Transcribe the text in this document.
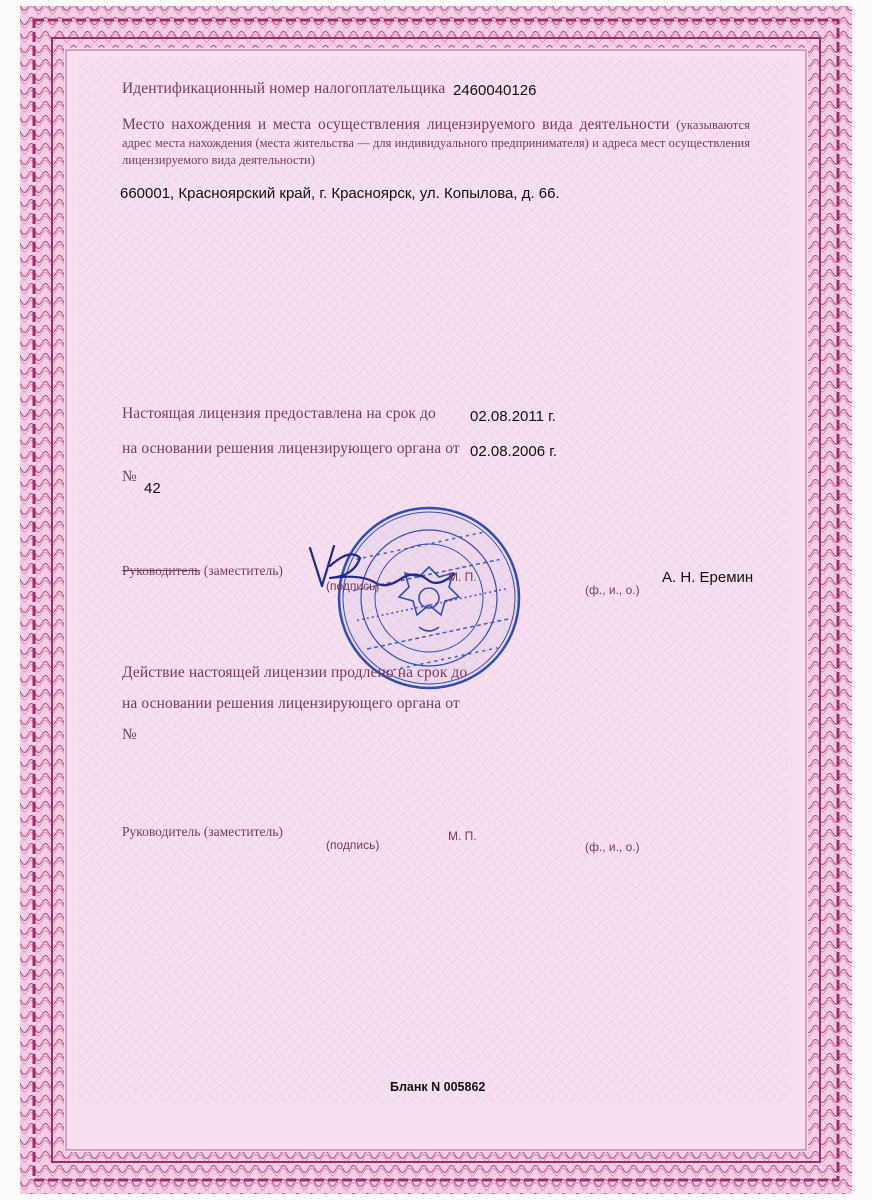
Идентификационный номер налогоплательщика 2460040126
Место нахождения и места осуществления лицензируемого вида деятельности (указываются
адрес места нахождения (места жительства — для индивидуального предпринимателя) и адреса мест осуществления
лицензируемого вида деятельности)
660001, Красноярский край, г. Красноярск, ул. Копылова, д. 66.
Настоящая лицензия предоставлена на срок до 02.08.2011 г.
на основании решения лицензирующего органа от 02.08.2006 г.
№
42
Руководитель (заместитель)
(подпись)
М. П.
(ф., и., о.)
А. Н. Еремин
Действие настоящей лицензии продлено на срок до
на основании решения лицензирующего органа от
№
Руководитель (заместитель)
(подпись)
М. П.
(ф., и., о.)
Бланк N 005862
